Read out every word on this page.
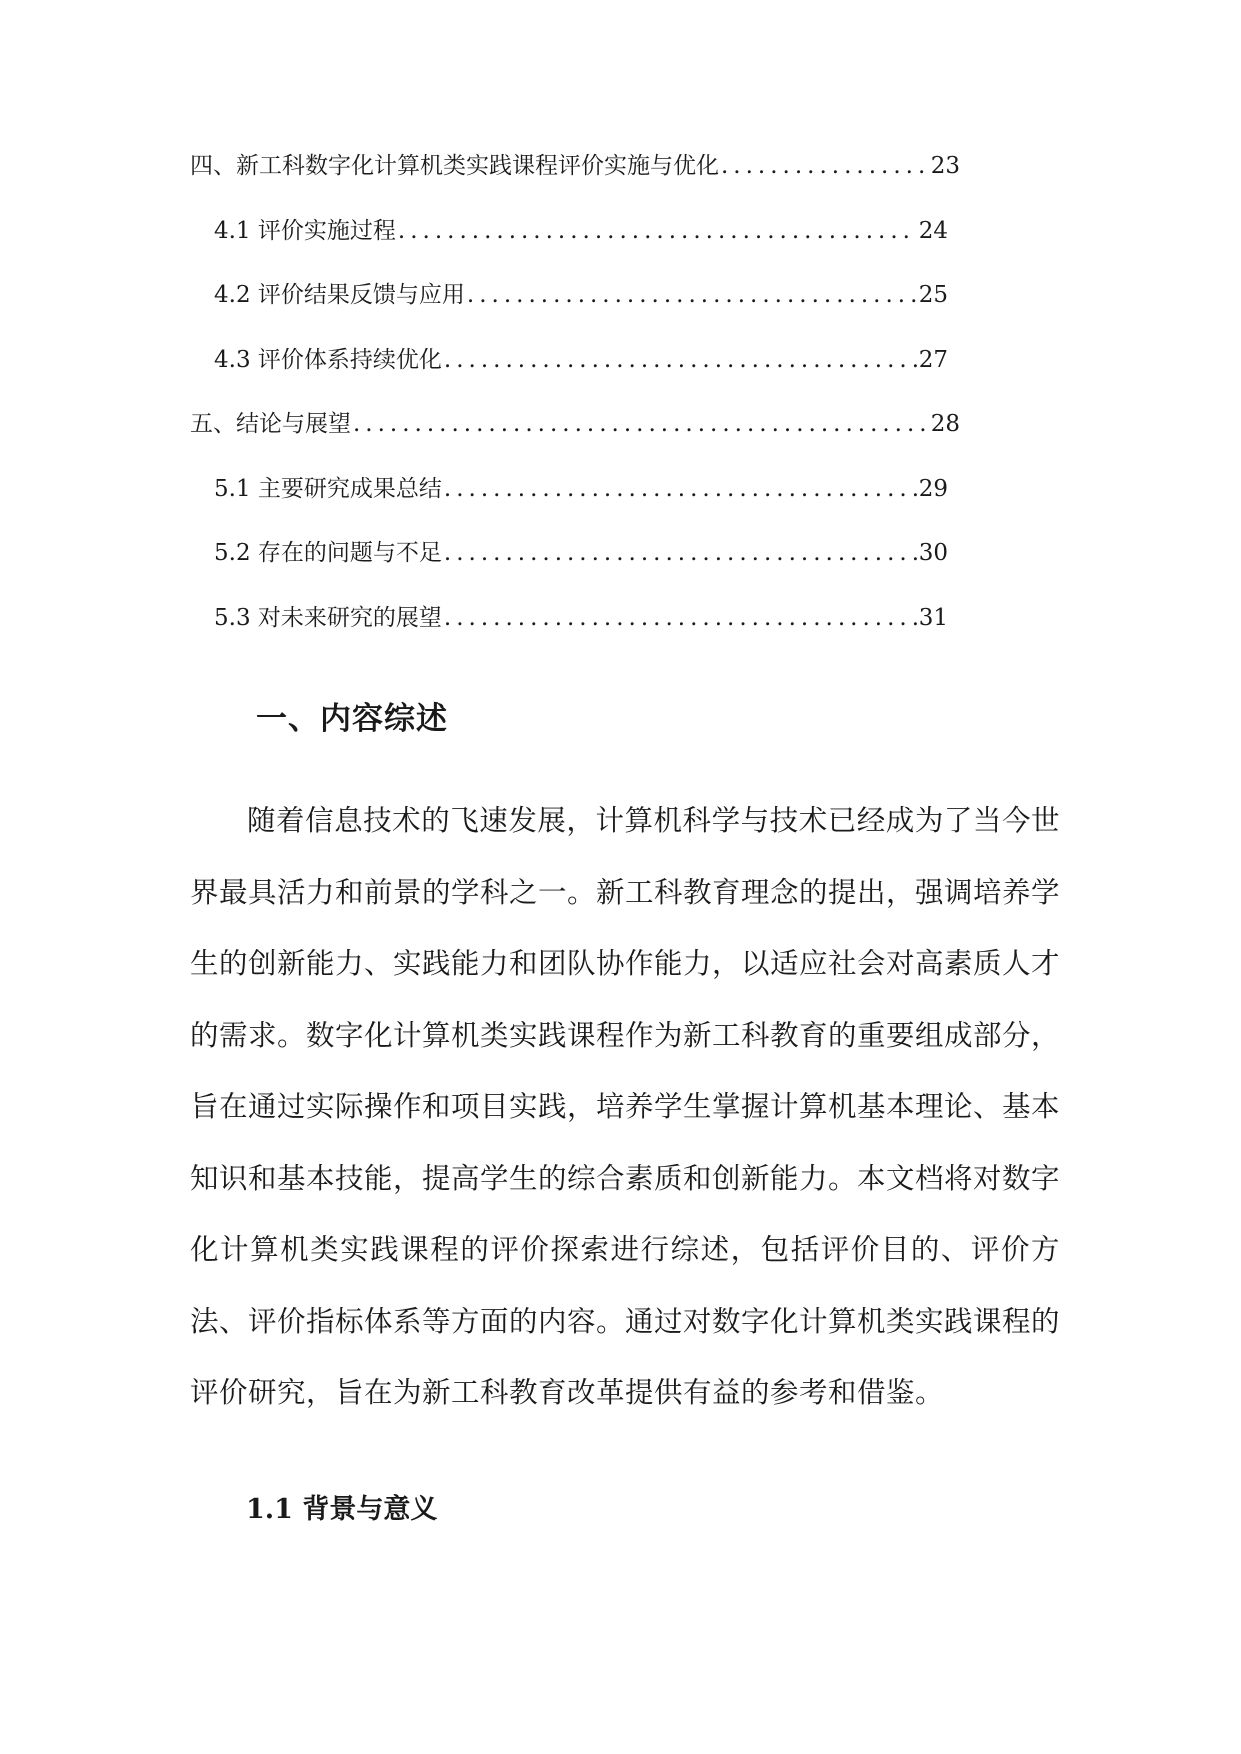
四、新工科数字化计算机类实践课程评价实施与优化 .....	23
4.1 评价实施过程 .....	24
4.2 评价结果反馈与应用 .....	25
4.3 评价体系持续优化 .....	27
五、结论与展望 .....	28
5.1 主要研究成果总结 .....	29
5.2 存在的问题与不足 .....	30
5.3 对未来研究的展望 .....	31
一、内容综述

随着信息技术的飞速发展，计算机科学与技术已经成为了当今世界最具活力和前景的学科之一。新工科教育理念的提出，强调培养学生的创新能力、实践能力和团队协作能力，以适应社会对高素质人才的需求。数字化计算机类实践课程作为新工科教育的重要组成部分，旨在通过实际操作和项目实践，培养学生掌握计算机基本理论、基本知识和基本技能，提高学生的综合素质和创新能力。本文档将对数字化计算机类实践课程的评价探索进行综述，包括评价目的、评价方法、评价指标体系等方面的内容。通过对数字化计算机类实践课程的评价研究，旨在为新工科教育改革提供有益的参考和借鉴。

1.1 背景与意义
